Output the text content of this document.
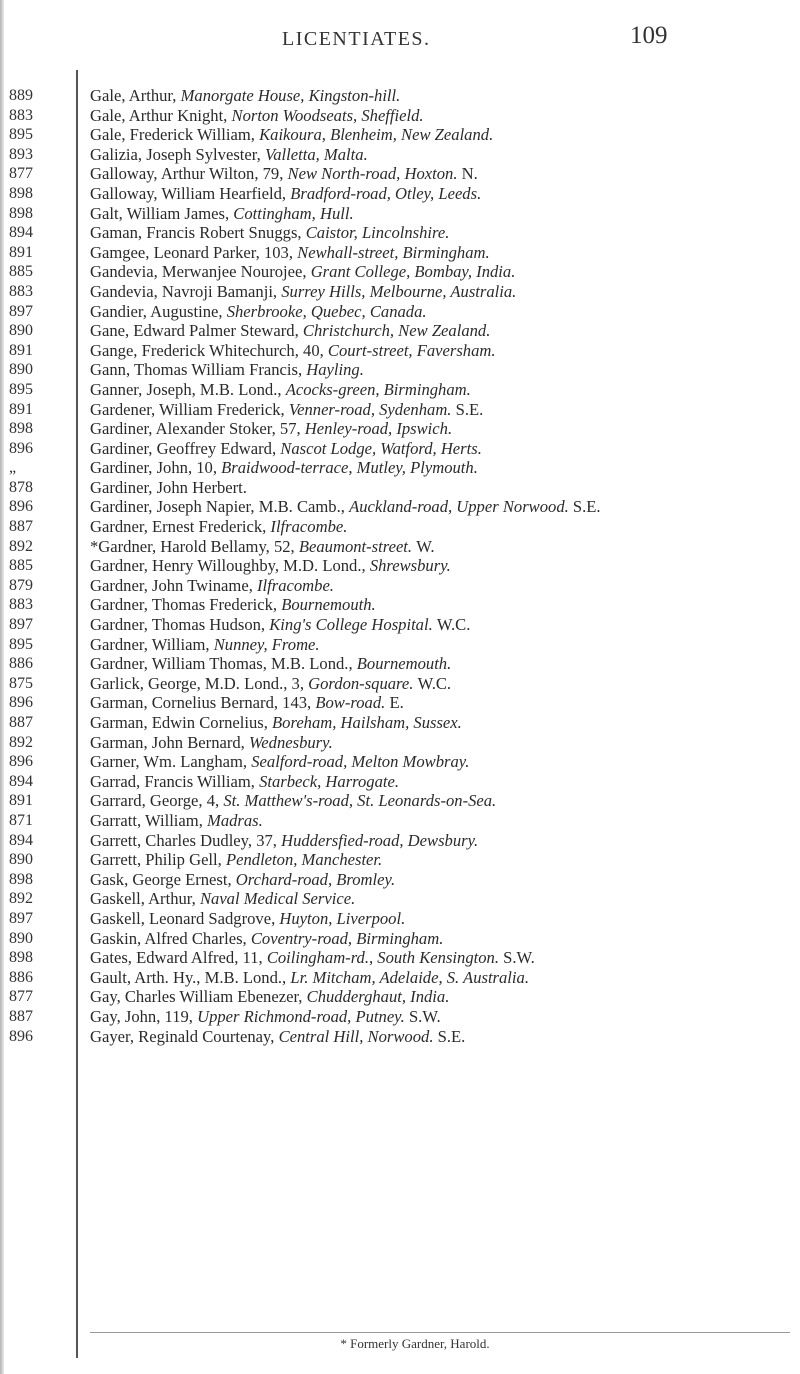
LICENTIATES.	109
889	Gale, Arthur, Manorgate House, Kingston-hill.
883	Gale, Arthur Knight, Norton Woodseats, Sheffield.
895	Gale, Frederick William, Kaikoura, Blenheim, New Zealand.
893	Galizia, Joseph Sylvester, Valletta, Malta.
877	Galloway, Arthur Wilton, 79, New North-road, Hoxton. N.
898	Galloway, William Hearfield, Bradford-road, Otley, Leeds.
898	Galt, William James, Cottingham, Hull.
894	Gaman, Francis Robert Snuggs, Caistor, Lincolnshire.
891	Gamgee, Leonard Parker, 103, Newhall-street, Birmingham.
885	Gandevia, Merwanjee Nourojee, Grant College, Bombay, India.
883	Gandevia, Navroji Bamanji, Surrey Hills, Melbourne, Australia.
897	Gandier, Augustine, Sherbrooke, Quebec, Canada.
890	Gane, Edward Palmer Steward, Christchurch, New Zealand.
891	Gange, Frederick Whitechurch, 40, Court-street, Faversham.
890	Gann, Thomas William Francis, Hayling.
895	Ganner, Joseph, M.B. Lond., Acocks-green, Birmingham.
891	Gardener, William Frederick, Venner-road, Sydenham. S.E.
898	Gardiner, Alexander Stoker, 57, Henley-road, Ipswich.
896	Gardiner, Geoffrey Edward, Nascot Lodge, Watford, Herts.
„	Gardiner, John, 10, Braidwood-terrace, Mutley, Plymouth.
878	Gardiner, John Herbert.
896	Gardiner, Joseph Napier, M.B. Camb., Auckland-road, Upper Norwood. S.E.
887	Gardner, Ernest Frederick, Ilfracombe.
892	*Gardner, Harold Bellamy, 52, Beaumont-street. W.
885	Gardner, Henry Willoughby, M.D. Lond., Shrewsbury.
879	Gardner, John Twiname, Ilfracombe.
883	Gardner, Thomas Frederick, Bournemouth.
897	Gardner, Thomas Hudson, King's College Hospital. W.C.
895	Gardner, William, Nunney, Frome.
886	Gardner, William Thomas, M.B. Lond., Bournemouth.
875	Garlick, George, M.D. Lond., 3, Gordon-square. W.C.
896	Garman, Cornelius Bernard, 143, Bow-road. E.
887	Garman, Edwin Cornelius, Boreham, Hailsham, Sussex.
892	Garman, John Bernard, Wednesbury.
896	Garner, Wm. Langham, Sealford-road, Melton Mowbray.
894	Garrad, Francis William, Starbeck, Harrogate.
891	Garrard, George, 4, St. Matthew's-road, St. Leonards-on-Sea.
871	Garratt, William, Madras.
894	Garrett, Charles Dudley, 37, Huddersfied-road, Dewsbury.
890	Garrett, Philip Gell, Pendleton, Manchester.
898	Gask, George Ernest, Orchard-road, Bromley.
892	Gaskell, Arthur, Naval Medical Service.
897	Gaskell, Leonard Sadgrove, Huyton, Liverpool.
890	Gaskin, Alfred Charles, Coventry-road, Birmingham.
898	Gates, Edward Alfred, 11, Coilingham-rd., South Kensington. S.W.
886	Gault, Arth. Hy., M.B. Lond., Lr. Mitcham, Adelaide, S. Australia.
877	Gay, Charles William Ebenezer, Chudderghaut, India.
887	Gay, John, 119, Upper Richmond-road, Putney. S.W.
896	Gayer, Reginald Courtenay, Central Hill, Norwood. S.E.
* Formerly Gardner, Harold.
